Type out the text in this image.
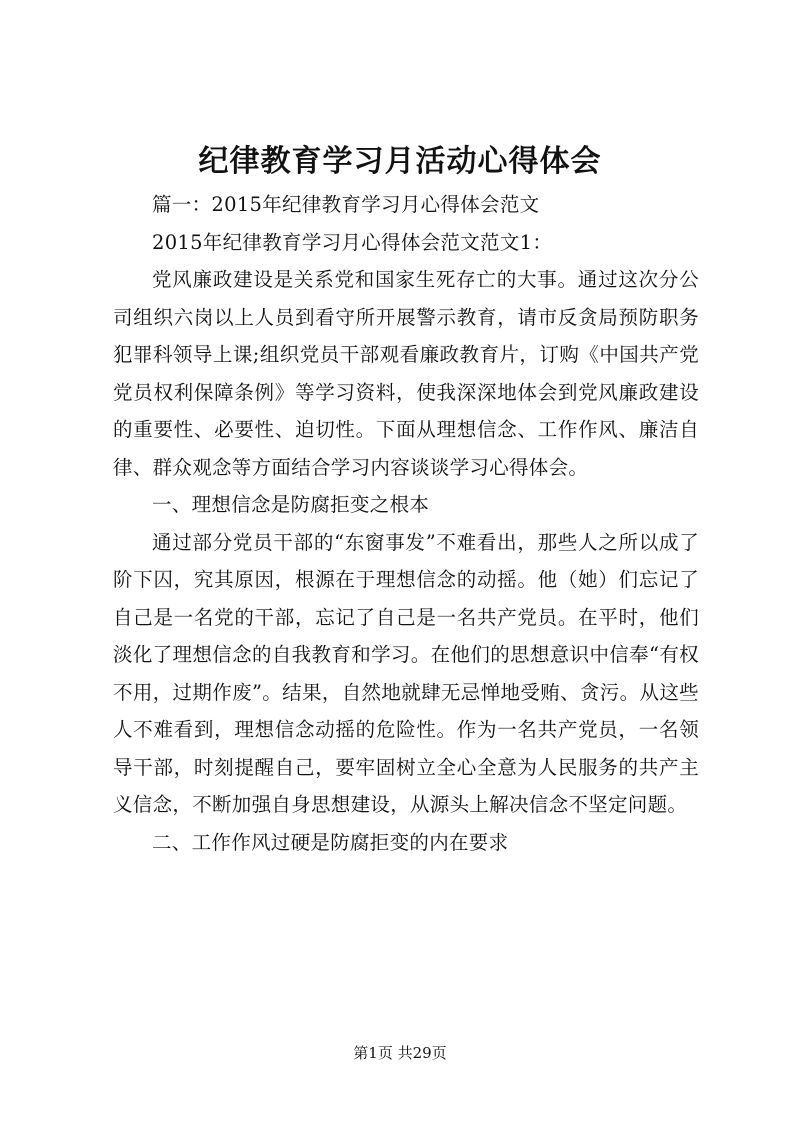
纪律教育学习月活动心得体会

篇一：2015年纪律教育学习月心得体会范文

2015年纪律教育学习月心得体会范文范文1：

党风廉政建设是关系党和国家生死存亡的大事。通过这次分公司组织六岗以上人员到看守所开展警示教育，请市反贪局预防职务犯罪科领导上课;组织党员干部观看廉政教育片，订购《中国共产党党员权利保障条例》等学习资料，使我深深地体会到党风廉政建设的重要性、必要性、迫切性。下面从理想信念、工作作风、廉洁自律、群众观念等方面结合学习内容谈谈学习心得体会。

一、理想信念是防腐拒变之根本

通过部分党员干部的“东窗事发”不难看出，那些人之所以成了阶下囚，究其原因，根源在于理想信念的动摇。他（她）们忘记了自己是一名党的干部，忘记了自己是一名共产党员。在平时，他们淡化了理想信念的自我教育和学习。在他们的思想意识中信奉“有权不用，过期作废”。结果，自然地就肆无忌惮地受贿、贪污。从这些人不难看到，理想信念动摇的危险性。作为一名共产党员，一名领导干部，时刻提醒自己，要牢固树立全心全意为人民服务的共产主义信念，不断加强自身思想建设，从源头上解决信念不坚定问题。

二、工作作风过硬是防腐拒变的内在要求

第1页 共29页
